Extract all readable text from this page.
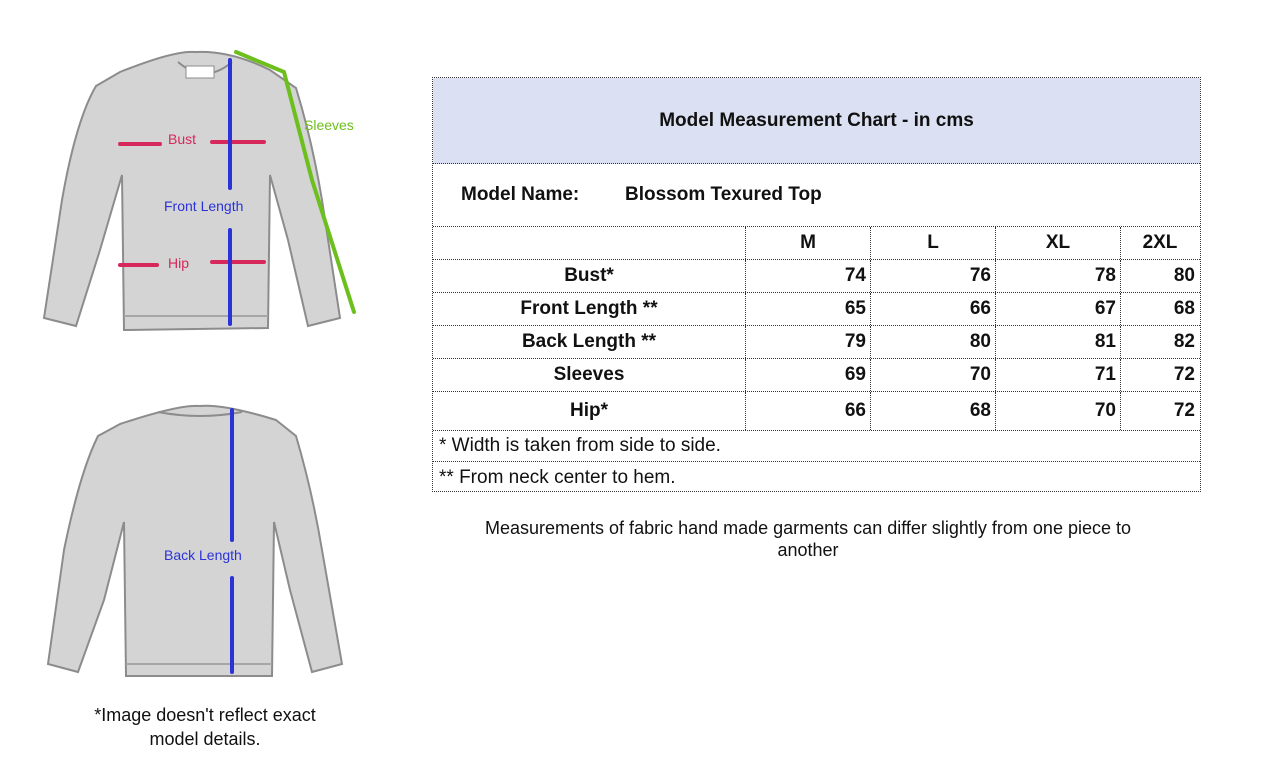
Bust
Front Length
Hip
Sleeves
Back Length
*Image doesn't reflect exact model details.
Model Measurement Chart - in cms
Model Name:	Blossom Texured Top
M	L	XL	2XL
Bust*	74	76	78	80
Front Length **	65	66	67	68
Back Length **	79	80	81	82
Sleeves	69	70	71	72
Hip*	66	68	70	72
* Width is taken from side to side.
** From neck center to hem.
Measurements of fabric hand made garments can differ slightly from one piece to another
